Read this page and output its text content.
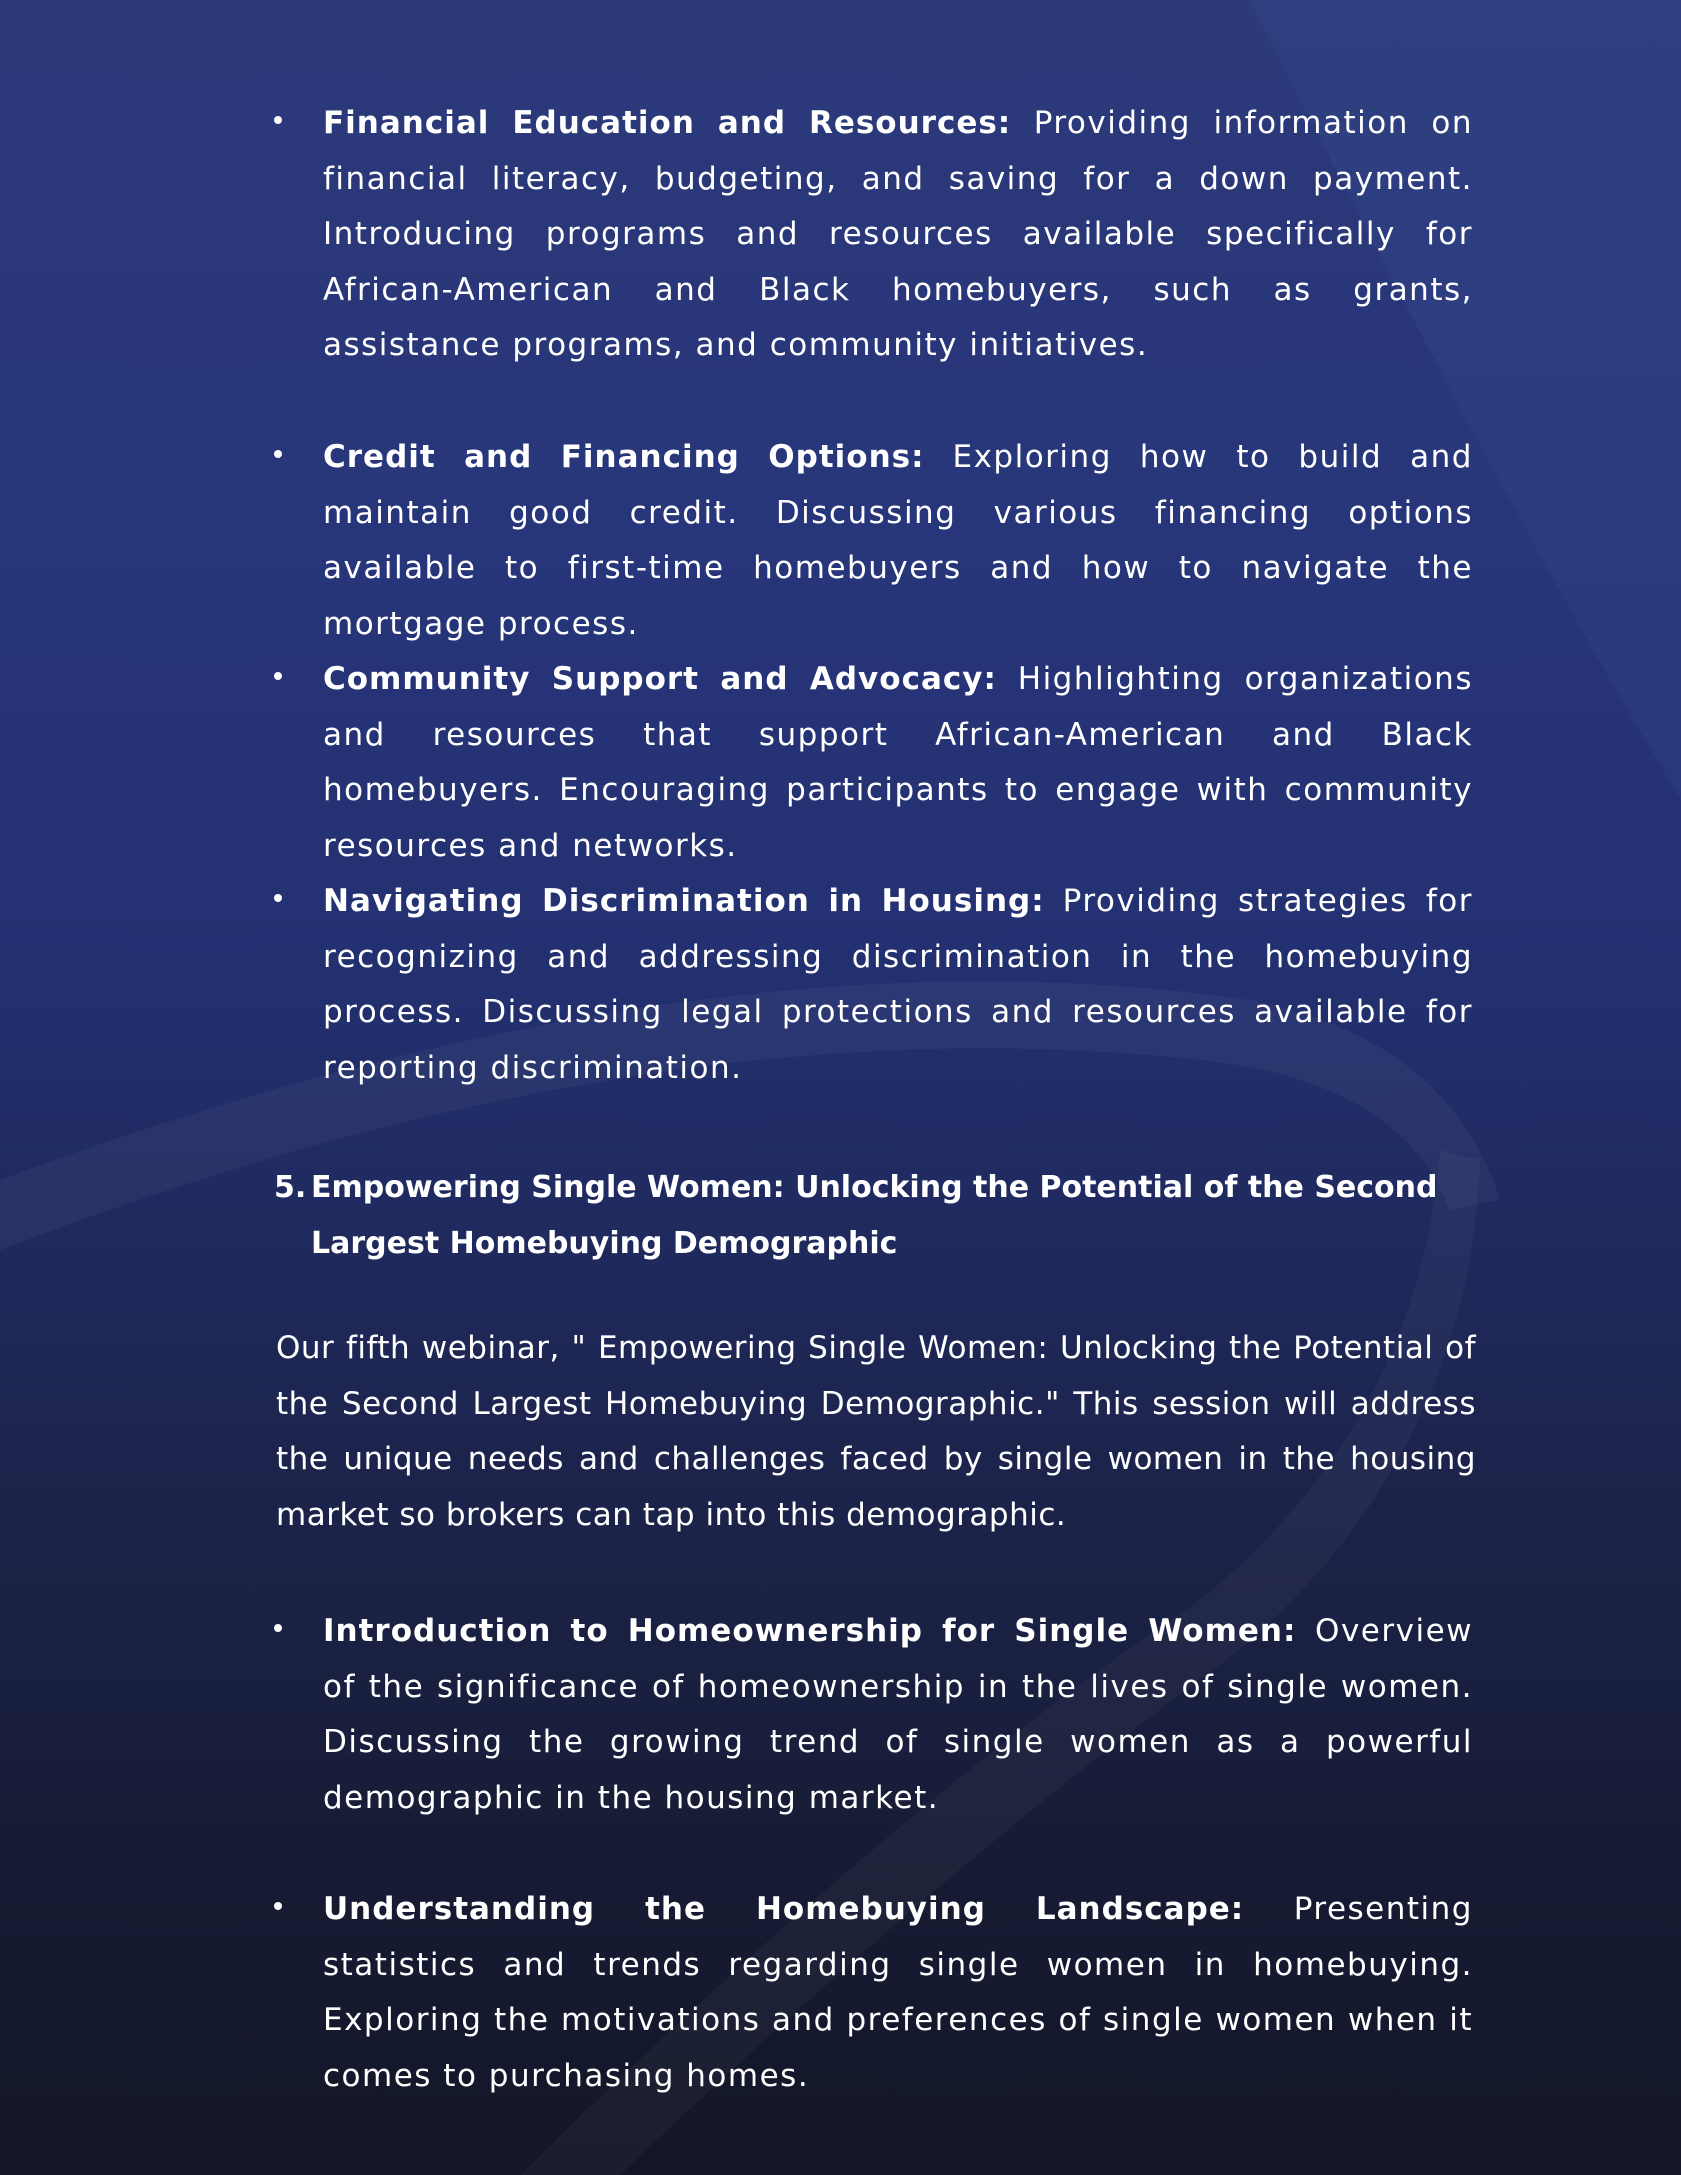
Financial Education and Resources: Providing information on financial literacy, budgeting, and saving for a down payment. Introducing programs and resources available specifically for African-American and Black homebuyers, such as grants, assistance programs, and community initiatives.
Credit and Financing Options: Exploring how to build and maintain good credit. Discussing various financing options available to first-time homebuyers and how to navigate the mortgage process.
Community Support and Advocacy: Highlighting organizations and resources that support African-American and Black homebuyers. Encouraging participants to engage with community resources and networks.
Navigating Discrimination in Housing: Providing strategies for recognizing and addressing discrimination in the homebuying process. Discussing legal protections and resources available for reporting discrimination.
5. Empowering Single Women: Unlocking the Potential of the Second Largest Homebuying Demographic
Our fifth webinar, " Empowering Single Women: Unlocking the Potential of the Second Largest Homebuying Demographic." This session will address the unique needs and challenges faced by single women in the housing market so brokers can tap into this demographic.
Introduction to Homeownership for Single Women: Overview of the significance of homeownership in the lives of single women. Discussing the growing trend of single women as a powerful demographic in the housing market.
Understanding the Homebuying Landscape: Presenting statistics and trends regarding single women in homebuying. Exploring the motivations and preferences of single women when it comes to purchasing homes.
